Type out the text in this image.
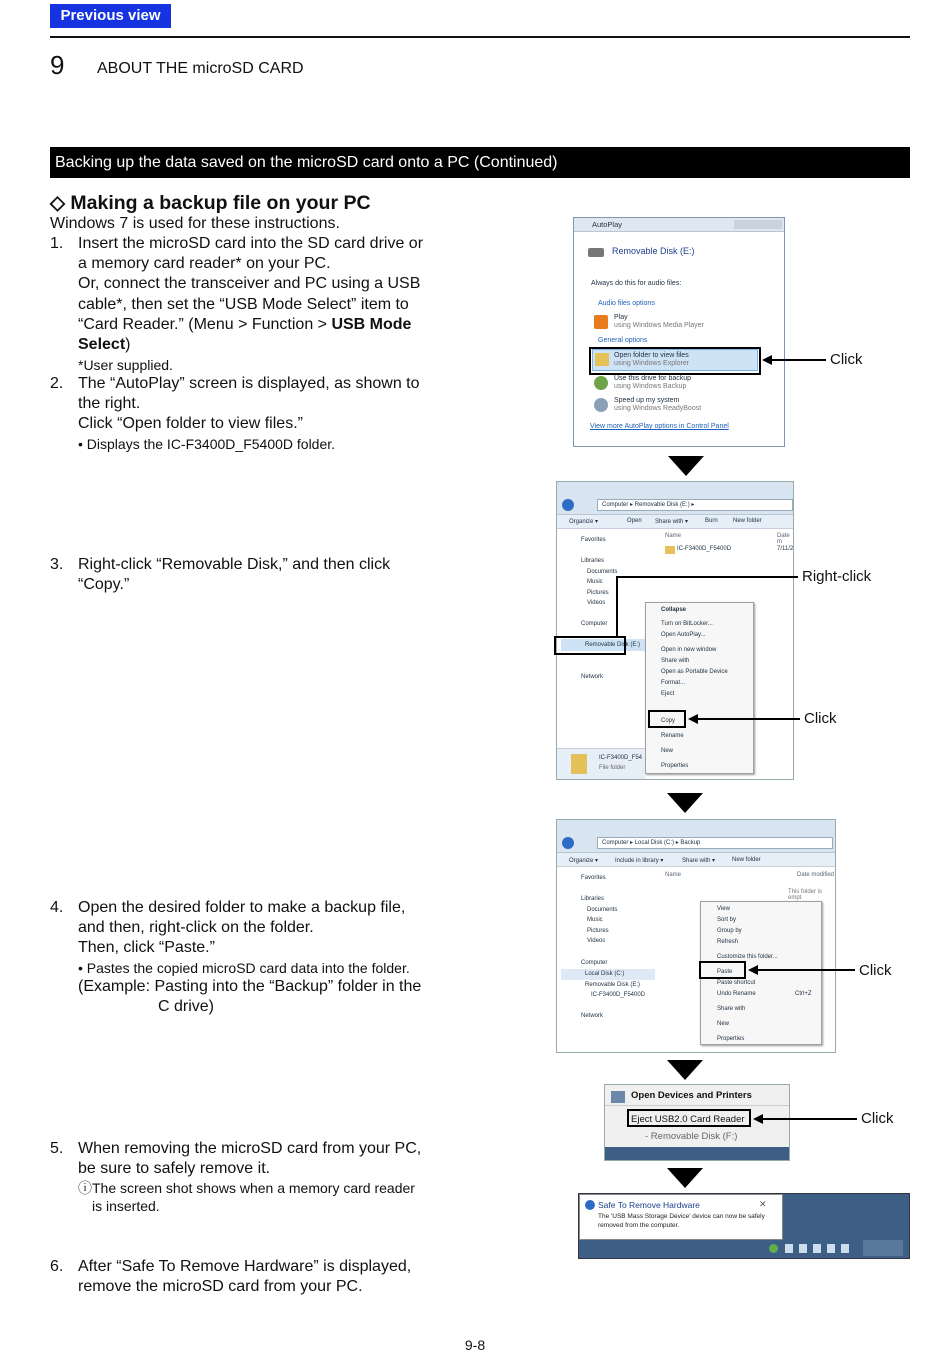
Previous view
9 ABOUT THE microSD CARD
Backing up the data saved on the microSD card onto a PC (Continued)
◇ Making a backup file on your PC
Windows 7 is used for these instructions.
1. Insert the microSD card into the SD card drive or
a memory card reader* on your PC.
Or, connect the transceiver and PC using a USB
cable*, then set the “USB Mode Select” item to
“Card Reader.” (Menu > Function > USB Mode
Select)
*User supplied.
2. The “AutoPlay” screen is displayed, as shown to
the right.
Click “Open folder to view files.”
• Displays the IC-F3400D_F5400D folder.
3. Right-click “Removable Disk,” and then click
“Copy.”
4. Open the desired folder to make a backup file,
and then, right-click on the folder.
Then, click “Paste.”
• Pastes the copied microSD card data into the folder.
(Example: Pasting into the “Backup” folder in the
C drive)
5. When removing the microSD card from your PC,
be sure to safely remove it.
ⓘThe screen shot shows when a memory card reader
is inserted.
6. After “Safe To Remove Hardware” is displayed,
remove the microSD card from your PC.
AutoPlay
Removable Disk (E:)
Always do this for audio files:
Audio files options
Play
using Windows Media Player
General options
Open folder to view files
using Windows Explorer
Use this drive for backup
using Windows Backup
Speed up my system
using Windows ReadyBoost
View more AutoPlay options in Control Panel
Click
Computer ▸ Removable Disk (E:) ▸
Organize ▾	Open Share with ▾	Burn	New folder
Name	Date m
IC-F3400D_F5400D	7/11/2
Favorites
Libraries
Documents
Music
Pictures
Videos
Computer
Removable Disk (E:)
Network
Collapse
Turn on BitLocker...
Open AutoPlay...
Open in new window
Share with
Open as Portable Device
Format...
Eject
Copy
Rename
New
Properties
IC-F3400D_F54
File folder
Right-click
Click
Computer ▸ Local Disk (C:) ▸ Backup
Organize ▾	Include in library ▾	Share with ▾	New folder
Name	Date modified
This folder is empt
Favorites
Libraries
Documents
Music
Pictures
Videos
Computer
Local Disk (C:)
Removable Disk (E:)
IC-F3400D_F5400D
Network
View
Sort by
Group by
Refresh
Customize this folder...
Paste
Paste shortcut
Undo Rename	Ctrl+Z
Share with
New
Properties
Click
Open Devices and Printers
Eject USB2.0 Card Reader
- Removable Disk (F:)
Click
Safe To Remove Hardware	✕
The 'USB Mass Storage Device' device can now be safely
removed from the computer.
9-8
